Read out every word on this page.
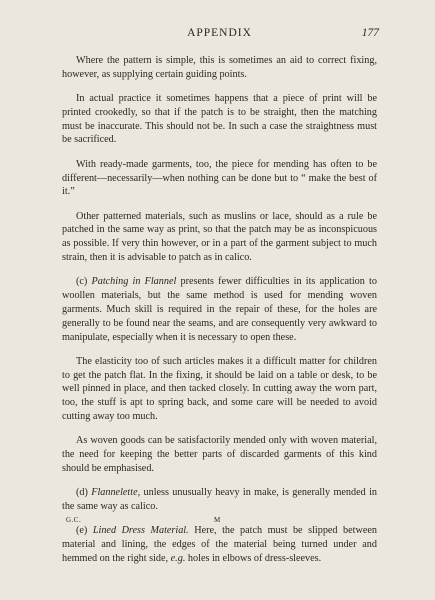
APPENDIX	177

Where the pattern is simple, this is sometimes an aid to correct fixing, however, as supplying certain guiding points.

In actual practice it sometimes happens that a piece of print will be printed crookedly, so that if the patch is to be straight, then the matching must be inaccurate. This should not be. In such a case the straightness must be sacrificed.

With ready-made garments, too, the piece for mending has often to be different—necessarily—when nothing can be done but to “ make the best of it.”

Other patterned materials, such as muslins or lace, should as a rule be patched in the same way as print, so that the patch may be as inconspicuous as possible. If very thin however, or in a part of the garment subject to much strain, then it is advisable to patch as in calico.

(c) Patching in Flannel presents fewer difficulties in its application to woollen materials, but the same method is used for mending woven garments. Much skill is required in the repair of these, for the holes are generally to be found near the seams, and are consequently very awkward to manipulate, especially when it is necessary to open these.

The elasticity too of such articles makes it a difficult matter for children to get the patch flat. In the fixing, it should be laid on a table or desk, to be well pinned in place, and then tacked closely. In cutting away the worn part, too, the stuff is apt to spring back, and some care will be needed to avoid cutting away too much.

As woven goods can be satisfactorily mended only with woven material, the need for keeping the better parts of discarded garments of this kind should be emphasised.

(d) Flannelette, unless unusually heavy in make, is generally mended in the same way as calico.

(e) Lined Dress Material. Here, the patch must be slipped between material and lining, the edges of the material being turned under and hemmed on the right side, e.g. holes in elbows of dress-sleeves.

G.C.	M
